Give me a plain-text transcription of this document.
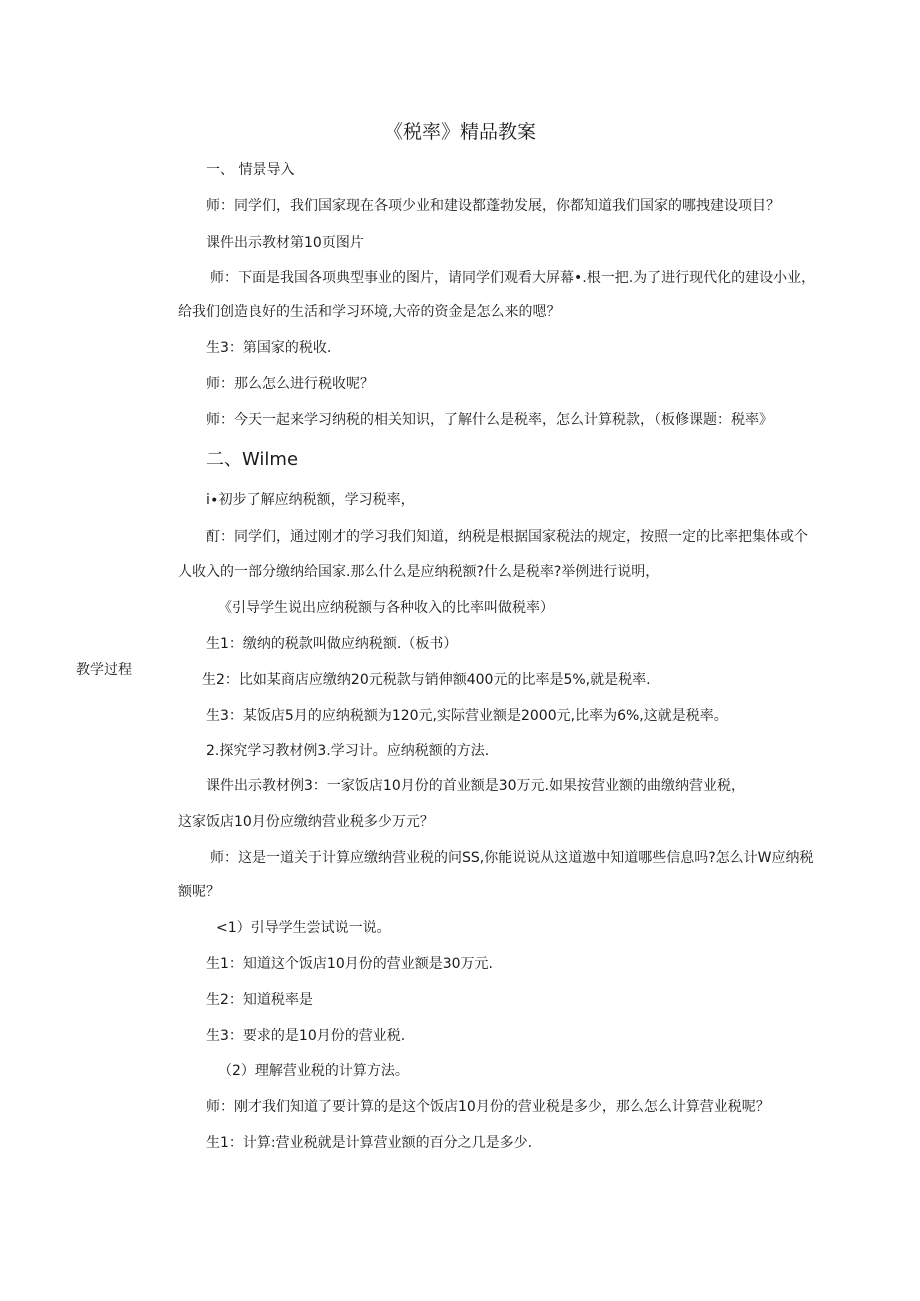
《税率》精品教案
教学过程
一、 情景导入
师：同学们，我们国家现在各项少业和建设都蓬勃发展，你都知道我们国家的哪拽建设项目？
课件出示教材第10页图片
师：下面是我国各项典型事业的图片，请同学们观看大屏幕•.根一把.为了进行现代化的建设小业，
给我们创造良好的生活和学习环境,大帝的资金是怎么来的嗯？
生3：第国家的税收.
师：那么怎么进行税收呢？
师：今天一起来学习纳税的相关知识，了解什么是税率，怎么计算税款，（板修课题：税率》
二、Wilme
i∙初步了解应纳税额，学习税率，
酊：同学们，通过刚才的学习我们知道，纳税是根据国家税法的规定，按照一定的比率把集体或个
人收入的一部分缴纳给国家.那么什么是应纳税额?什么是税率?举例进行说明，
《引导学生说出应纳税额与各种收入的比率叫做税率）
生1：缴纳的税款叫做应纳税额.（板书）
生2：比如某商店应缴纳20元税款与销伸额400元的比率是5%,就是税率.
生3：某饭店5月的应纳税额为120元,实际营业额是2000元,比率为6%,这就是税率。
2.探究学习教材例3.学习计。应纳税额的方法.
课件出示教材例3：一家饭店10月份的首业额是30万元.如果按营业额的曲缴纳营业税，
这家饭店10月份应缴纳营业税多少万元？
师：这是一道关于计算应缴纳营业税的问SS,你能说说从这道遨中知道哪些信息吗?怎么计W应纳税
额呢？
<1）引导学生尝试说一说。
生1：知道这个饭店10月份的营业额是30万元.
生2：知道税率是
生3：要求的是10月份的营业税.
（2）理解营业税的计算方法。
师：刚才我们知道了要计算的是这个饭店10月份的营业税是多少，那么怎么计算营业税呢？
生1：计算:营业税就是计算营业额的百分之几是多少.
